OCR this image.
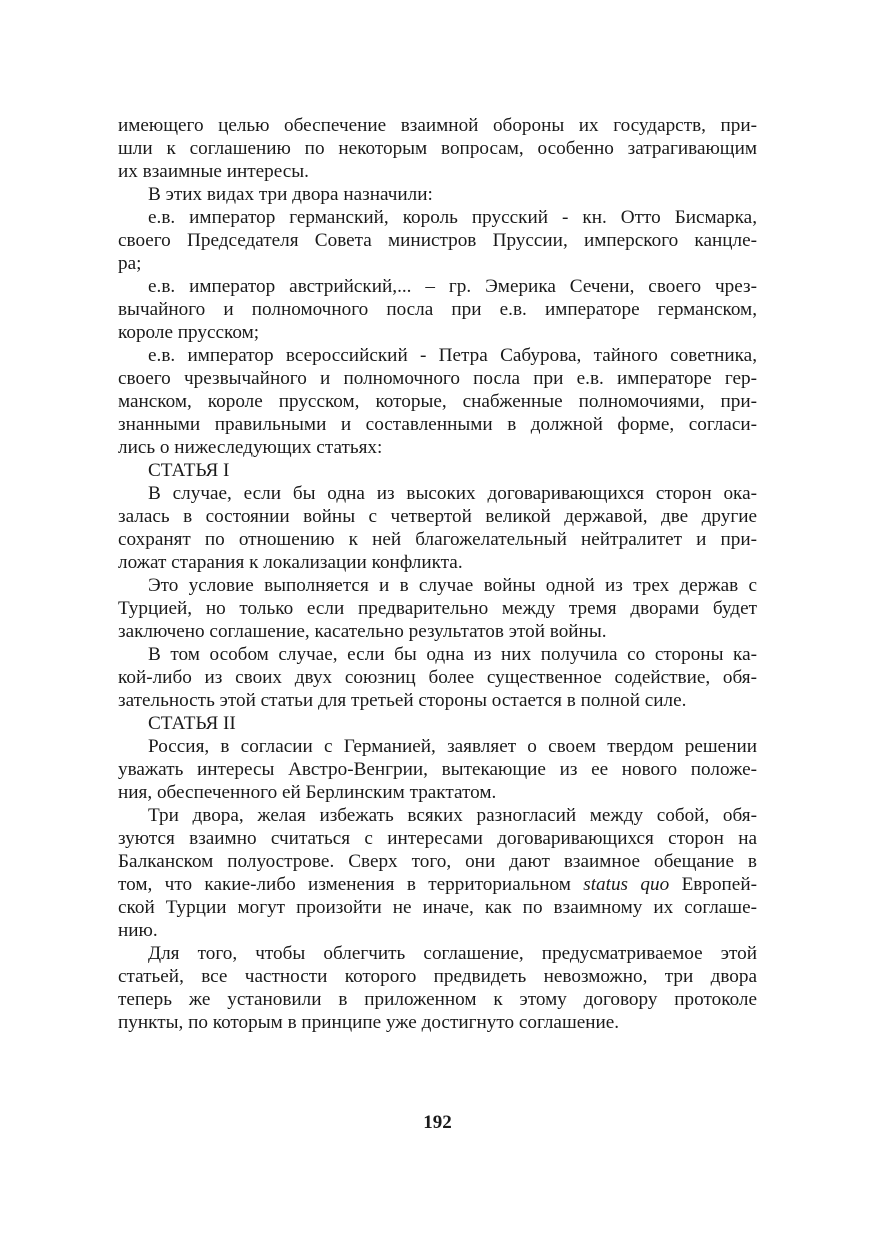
имеющего целью обеспечение взаимной обороны их государств, при-
шли к соглашению по некоторым вопросам, особенно затрагивающим
их взаимные интересы.
В этих видах три двора назначили:
е.в. император германский, король прусский - кн. Отто Бисмарка,
своего Председателя Совета министров Пруссии, имперского канцле-
ра;
е.в. император австрийский,... – гр. Эмерика Сечени, своего чрез-
вычайного и полномочного посла при е.в. императоре германском,
короле прусском;
е.в. император всероссийский - Петра Сабурова, тайного советника,
своего чрезвычайного и полномочного посла при е.в. императоре гер-
манском, короле прусском, которые, снабженные полномочиями, при-
знанными правильными и составленными в должной форме, согласи-
лись о нижеследующих статьях:
СТАТЬЯ I
В случае, если бы одна из высоких договаривающихся сторон ока-
залась в состоянии войны с четвертой великой державой, две другие
сохранят по отношению к ней благожелательный нейтралитет и при-
ложат старания к локализации конфликта.
Это условие выполняется и в случае войны одной из трех держав с
Турцией, но только если предварительно между тремя дворами будет
заключено соглашение, касательно результатов этой войны.
В том особом случае, если бы одна из них получила со стороны ка-
кой-либо из своих двух союзниц более существенное содействие, обя-
зательность этой статьи для третьей стороны остается в полной силе.
СТАТЬЯ II
Россия, в согласии с Германией, заявляет о своем твердом решении
уважать интересы Австро-Венгрии, вытекающие из ее нового положе-
ния, обеспеченного ей Берлинским трактатом.
Три двора, желая избежать всяких разногласий между собой, обя-
зуются взаимно считаться с интересами договаривающихся сторон на
Балканском полуострове. Сверх того, они дают взаимное обещание в
том, что какие-либо изменения в территориальном status quo Европей-
ской Турции могут произойти не иначе, как по взаимному их соглаше-
нию.
Для того, чтобы облегчить соглашение, предусматриваемое этой
статьей, все частности которого предвидеть невозможно, три двора
теперь же установили в приложенном к этому договору протоколе
пункты, по которым в принципе уже достигнуто соглашение.
192
